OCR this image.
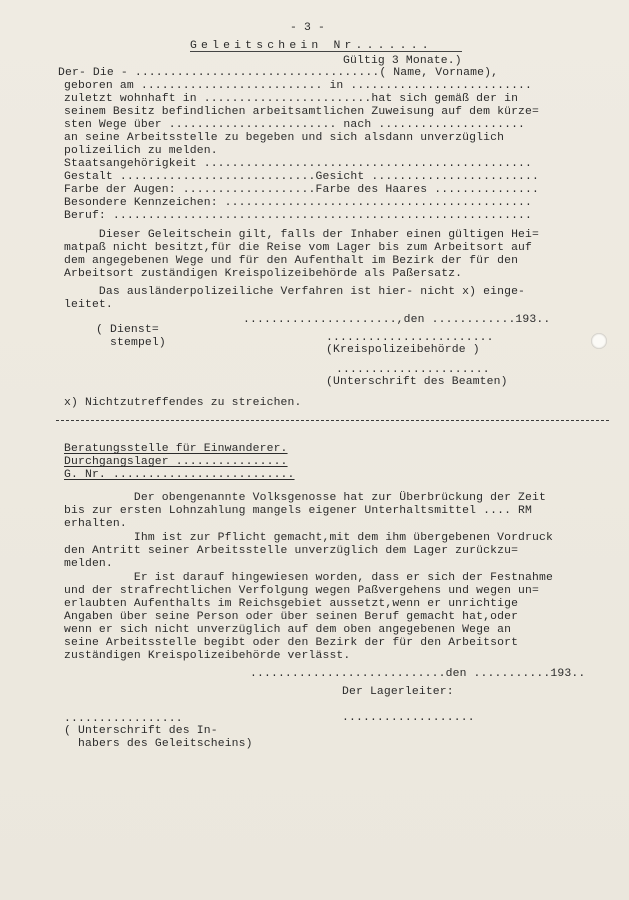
- 3 -
Geleitschein Nr.......
Gültig 3 Monate.)
Der- Die - ...................................( Name, Vorname),
geboren am .......................... in ..........................
zuletzt wohnhaft in ........................hat sich gemäß der in
seinem Besitz befindlichen arbeitsamtlichen Zuweisung auf dem kürze=
sten Wege über ........................ nach .....................
an seine Arbeitsstelle zu begeben und sich alsdann unverzüglich
polizeilich zu melden.
Staatsangehörigkeit ...............................................
Gestalt ............................Gesicht ........................
Farbe der Augen: ...................Farbe des Haares ...............
Besondere Kennzeichen: ............................................
Beruf: ............................................................
Dieser Geleitschein gilt, falls der Inhaber einen gültigen Hei=
matpaß nicht besitzt,für die Reise vom Lager bis zum Arbeitsort auf
dem angegebenen Wege und für den Aufenthalt im Bezirk der für den
Arbeitsort zuständigen Kreispolizeibehörde als Paßersatz.
Das ausländerpolizeiliche Verfahren ist hier- nicht x) einge-
leitet.
( Dienst=
stempel)
......................,den ............193..
........................
(Kreispolizeibehörde )
......................
(Unterschrift des Beamten)
x) Nichtzutreffendes zu streichen.
Beratungsstelle für Einwanderer.
Durchgangslager ................
G. Nr. ..........................
Der obengenannte Volksgenosse hat zur Überbrückung der Zeit
bis zur ersten Lohnzahlung mangels eigener Unterhaltsmittel .... RM
erhalten.
Ihm ist zur Pflicht gemacht,mit dem ihm übergebenen Vordruck
den Antritt seiner Arbeitsstelle unverzüglich dem Lager zurückzu=
melden.
Er ist darauf hingewiesen worden, dass er sich der Festnahme
und der strafrechtlichen Verfolgung wegen Paßvergehens und wegen un=
erlaubten Aufenthalts im Reichsgebiet aussetzt,wenn er unrichtige
Angaben über seine Person oder über seinen Beruf gemacht hat,oder
wenn er sich nicht unverzüglich auf dem oben angegebenen Wege an
seine Arbeitsstelle begibt oder den Bezirk der für den Arbeitsort
zuständigen Kreispolizeibehörde verlässt.
............................den ...........193..
Der Lagerleiter:
...................
.................
( Unterschrift des In-
habers des Geleitscheins)
